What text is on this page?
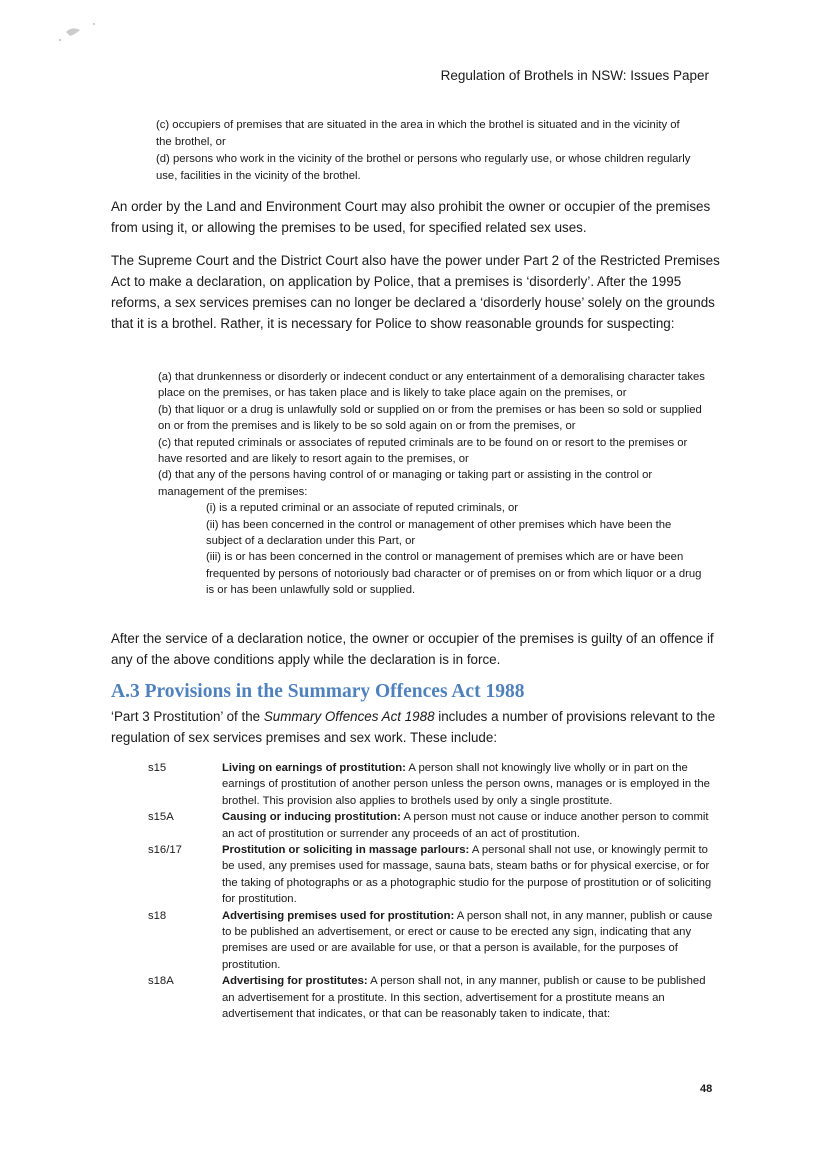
Regulation of Brothels in NSW: Issues Paper

(c) occupiers of premises that are situated in the area in which the brothel is situated and in the vicinity of the brothel, or

(d) persons who work in the vicinity of the brothel or persons who regularly use, or whose children regularly use, facilities in the vicinity of the brothel.

An order by the Land and Environment Court may also prohibit the owner or occupier of the premises from using it, or allowing the premises to be used, for specified related sex uses.

The Supreme Court and the District Court also have the power under Part 2 of the Restricted Premises Act to make a declaration, on application by Police, that a premises is ‘disorderly’. After the 1995 reforms, a sex services premises can no longer be declared a ‘disorderly house’ solely on the grounds that it is a brothel. Rather, it is necessary for Police to show reasonable grounds for suspecting:

(a) that drunkenness or disorderly or indecent conduct or any entertainment of a demoralising character takes place on the premises, or has taken place and is likely to take place again on the premises, or

(b) that liquor or a drug is unlawfully sold or supplied on or from the premises or has been so sold or supplied on or from the premises and is likely to be so sold again on or from the premises, or

(c) that reputed criminals or associates of reputed criminals are to be found on or resort to the premises or have resorted and are likely to resort again to the premises, or

(d) that any of the persons having control of or managing or taking part or assisting in the control or management of the premises:

(i) is a reputed criminal or an associate of reputed criminals, or

(ii) has been concerned in the control or management of other premises which have been the subject of a declaration under this Part, or

(iii) is or has been concerned in the control or management of premises which are or have been frequented by persons of notoriously bad character or of premises on or from which liquor or a drug is or has been unlawfully sold or supplied.

After the service of a declaration notice, the owner or occupier of the premises is guilty of an offence if any of the above conditions apply while the declaration is in force.

A.3 Provisions in the Summary Offences Act 1988

‘Part 3 Prostitution’ of the Summary Offences Act 1988 includes a number of provisions relevant to the regulation of sex services premises and sex work. These include:

s15	Living on earnings of prostitution: A person shall not knowingly live wholly or in part on the earnings of prostitution of another person unless the person owns, manages or is employed in the brothel. This provision also applies to brothels used by only a single prostitute.
s15A	Causing or inducing prostitution: A person must not cause or induce another person to commit an act of prostitution or surrender any proceeds of an act of prostitution.
s16/17	Prostitution or soliciting in massage parlours: A personal shall not use, or knowingly permit to be used, any premises used for massage, sauna bats, steam baths or for physical exercise, or for the taking of photographs or as a photographic studio for the purpose of prostitution or of soliciting for prostitution.
s18	Advertising premises used for prostitution: A person shall not, in any manner, publish or cause to be published an advertisement, or erect or cause to be erected any sign, indicating that any premises are used or are available for use, or that a person is available, for the purposes of prostitution.
s18A	Advertising for prostitutes: A person shall not, in any manner, publish or cause to be published an advertisement for a prostitute. In this section, advertisement for a prostitute means an advertisement that indicates, or that can be reasonably taken to indicate, that:
48
